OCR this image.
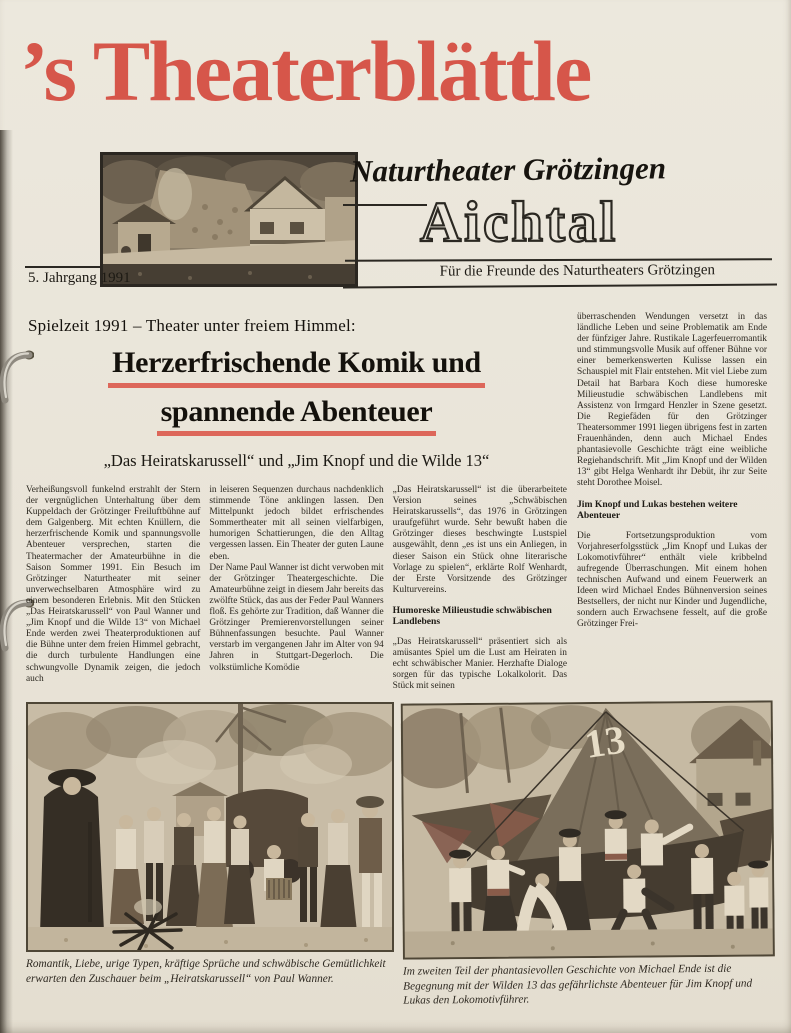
’s Theaterblättle
Naturtheater Grötzingen
Aichtal
5. Jahrgang 1991	Für die Freunde des Naturtheaters Grötzingen
Spielzeit 1991 – Theater unter freiem Himmel:
Herzerfrischende Komik und
spannende Abenteuer
„Das Heiratskarussell“ und „Jim Knopf und die Wilde 13“

Verheißungsvoll funkelnd erstrahlt der Stern der vergnüglichen Unterhaltung über dem Kuppeldach der Grötzinger Freiluftbühne auf dem Galgenberg. Mit echten Knüllern, die herzerfrischende Komik und spannungsvolle Abenteuer versprechen, starten die Theatermacher der Amateurbühne in die Saison Sommer 1991. Ein Besuch im Grötzinger Naturtheater mit seiner unverwechselbaren Atmosphäre wird zu einem besonderen Erlebnis. Mit den Stücken „Das Heiratskarussell“ von Paul Wanner und „Jim Knopf und die Wilde 13“ von Michael Ende werden zwei Theaterproduktionen auf die Bühne unter dem freien Himmel gebracht, die durch turbulente Handlungen eine schwungvolle Dynamik zeigen, die jedoch auch

in leiseren Sequenzen durchaus nachdenklich stimmende Töne anklingen lassen. Den Mittelpunkt jedoch bildet erfrischendes Sommertheater mit all seinen vielfarbigen, humorigen Schattierungen, die den Alltag vergessen lassen. Ein Theater der guten Laune eben.

Der Name Paul Wanner ist dicht verwoben mit der Grötzinger Theatergeschichte. Die Amateurbühne zeigt in diesem Jahr bereits das zwölfte Stück, das aus der Feder Paul Wanners floß. Es gehörte zur Tradition, daß Wanner die Grötzinger Premierenvorstellungen seiner Bühnenfassungen besuchte. Paul Wanner verstarb im vergangenen Jahr im Alter von 94 Jahren in Stuttgart-Degerloch. Die volkstümliche Komödie

„Das Heiratskarussell“ ist die überarbeitete Version seines „Schwäbischen Heiratskarussells“, das 1976 in Grötzingen uraufgeführt wurde. Sehr bewußt haben die Grötzinger dieses beschwingte Lustspiel ausgewählt, denn „es ist uns ein Anliegen, in dieser Saison ein Stück ohne literarische Vorlage zu spielen“, erklärte Rolf Wenhardt, der Erste Vorsitzende des Grötzinger Kulturvereins.

Humoreske Milieustudie schwäbischen Landlebens

„Das Heiratskarussell“ präsentiert sich als amüsantes Spiel um die Lust am Heiraten in echt schwäbischer Manier. Herzhafte Dialoge sorgen für das typische Lokalkolorit. Das Stück mit seinen

überraschenden Wendungen versetzt in das ländliche Leben und seine Problematik am Ende der fünfziger Jahre. Rustikale Lagerfeuerromantik und stimmungsvolle Musik auf offener Bühne vor einer bemerkenswerten Kulisse lassen ein Schauspiel mit Flair entstehen. Mit viel Liebe zum Detail hat Barbara Koch diese humoreske Milieustudie schwäbischen Landlebens mit Assistenz von Irmgard Henzler in Szene gesetzt. Die Regiefäden für den Grötzinger Theatersommer 1991 liegen übrigens fest in zarten Frauenhänden, denn auch Michael Endes phantasievolle Geschichte trägt eine weibliche Regiehandschrift. Mit „Jim Knopf und der Wilden 13“ gibt Helga Wenhardt ihr Debüt, ihr zur Seite steht Dorothee Moisel.

Jim Knopf und Lukas bestehen weitere Abenteuer

Die Fortsetzungsproduktion vom Vorjahreserfolgsstück „Jim Knopf und Lukas der Lokomotivführer“ enthält viele kribbelnd aufregende Überraschungen. Mit einem hohen technischen Aufwand und einem Feuerwerk an Ideen wird Michael Endes Bühnenversion seines Bestsellers, der nicht nur Kinder und Jugendliche, sondern auch Erwachsene fesselt, auf die große Grötzinger Frei-

Romantik, Liebe, urige Typen, kräftige Sprüche und schwäbische Gemütlichkeit erwarten den Zuschauer beim „Heiratskarussell“ von Paul Wanner.
13
Im zweiten Teil der phantasievollen Geschichte von Michael Ende ist die Begegnung mit der Wilden 13 das gefährlichste Abenteuer für Jim Knopf und Lukas den Lokomotivführer.
